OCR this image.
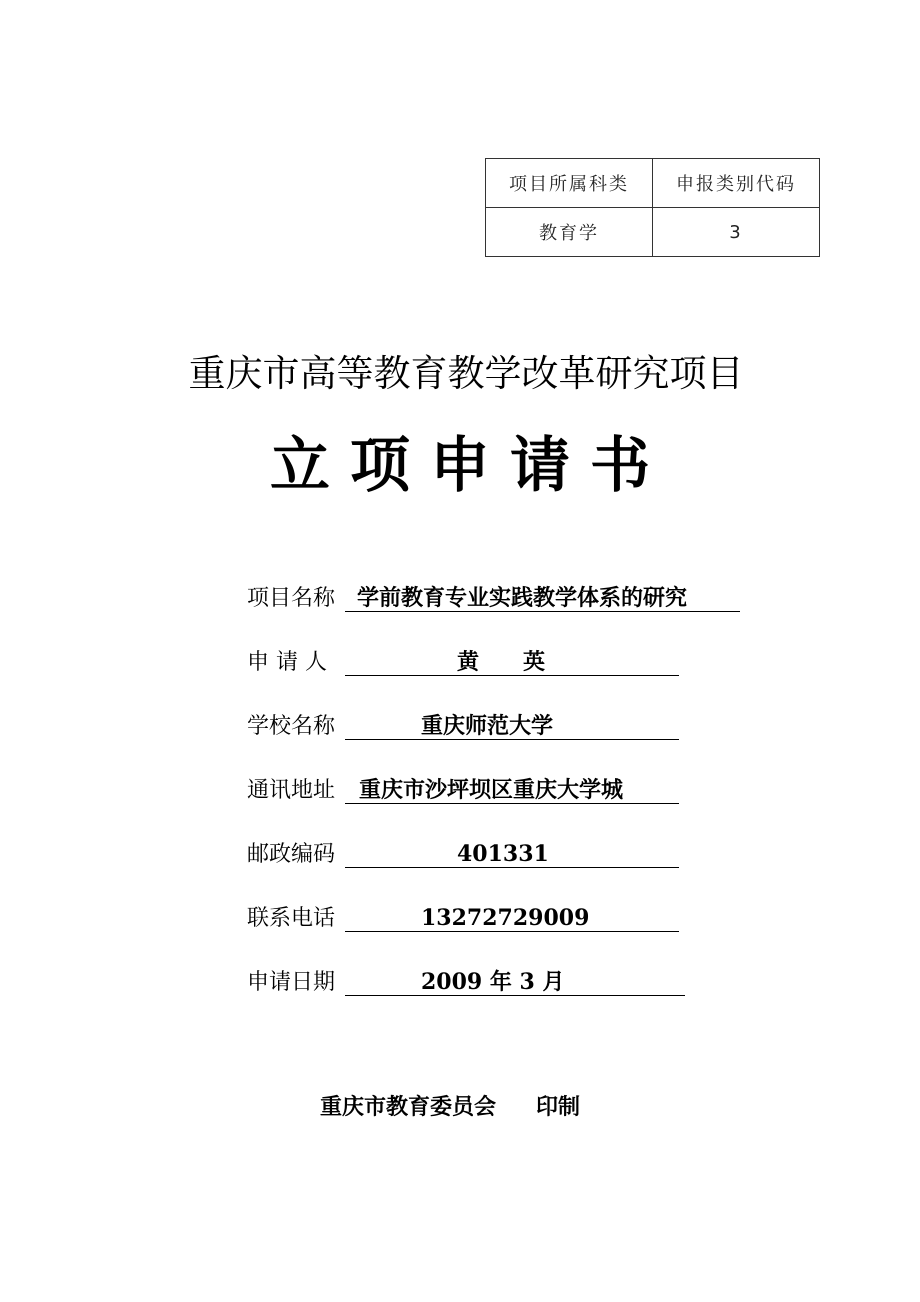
项目所属科类	申报类别代码
教育学	3
重庆市高等教育教学改革研究项目
立项申请书
项目名称 学前教育专业实践教学体系的研究
申 请 人	黄　　英
学校名称	重庆师范大学
通讯地址	重庆市沙坪坝区重庆大学城
邮政编码	401331
联系电话	13272729009
申请日期	2009 年 3 月
重庆市教育委员会 印制
